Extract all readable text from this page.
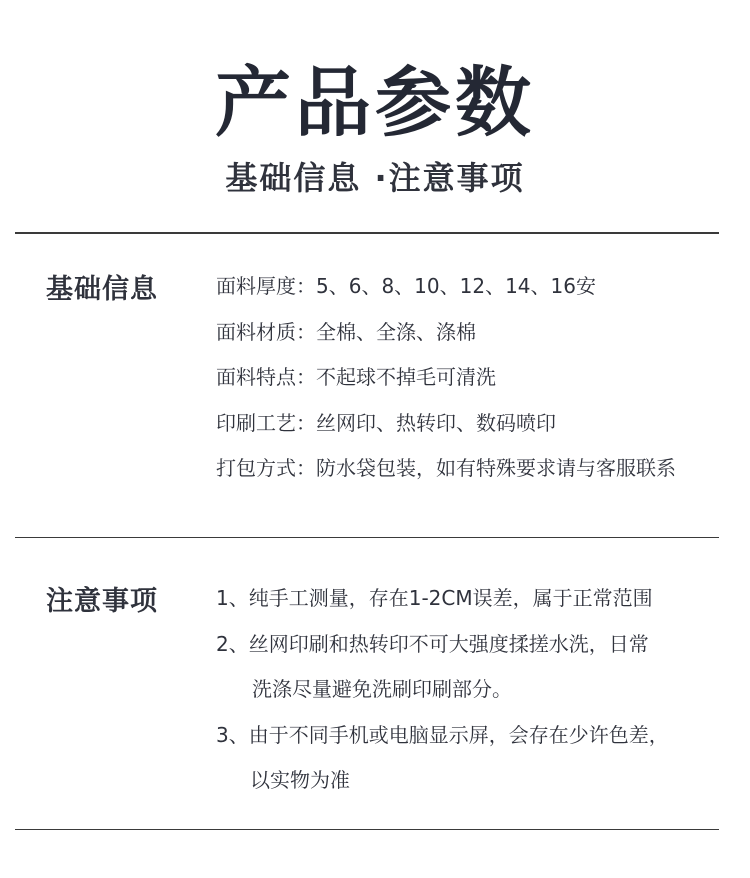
产品参数
基础信息 ·注意事项
基础信息	面料厚度：5、6、8、10、12、14、16安
面料材质：全棉、全涤、涤棉
面料特点：不起球不掉毛可清洗
印刷工艺：丝网印、热转印、数码喷印
打包方式：防水袋包装，如有特殊要求请与客服联系
注意事项	1、纯手工测量，存在1-2CM误差，属于正常范围
2、丝网印刷和热转印不可大强度揉搓水洗，日常
洗涤尽量避免洗刷印刷部分。
3、由于不同手机或电脑显示屏，会存在少许色差，
以实物为准
